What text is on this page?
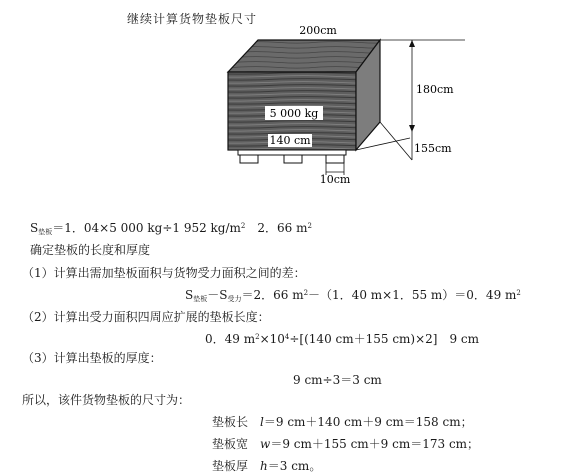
继续计算货物垫板尺寸
200cm
180cm
155cm
5 000 kg
140 cm
10cm
S垫板＝1．04×5 000 kg÷1 952 $kg/m^2$　2．66 $m^2$
确定垫板的长度和厚度
（1）计算出需加垫板面积与货物受力面积之间的差：
S垫板－S受力＝2．66 $m^2-(1$．40 m×1．55 m）＝0．49 $m^2$
（2）计算出受力面积四周应扩展的垫板长度：
0．49 $m^2\times 10^4\div[(140$ cm＋155 cm)×2]　9 cm
（3）计算出垫板的厚度：
9 cm÷3＝3 cm
所以，该件货物垫板的尺寸为：
垫板长　 l＝9 cm＋140 cm＋9 cm＝158 cm；
垫板宽　 w＝9 cm＋155 cm＋9 cm＝173 cm；
垫板厚　 h＝3 cm。
